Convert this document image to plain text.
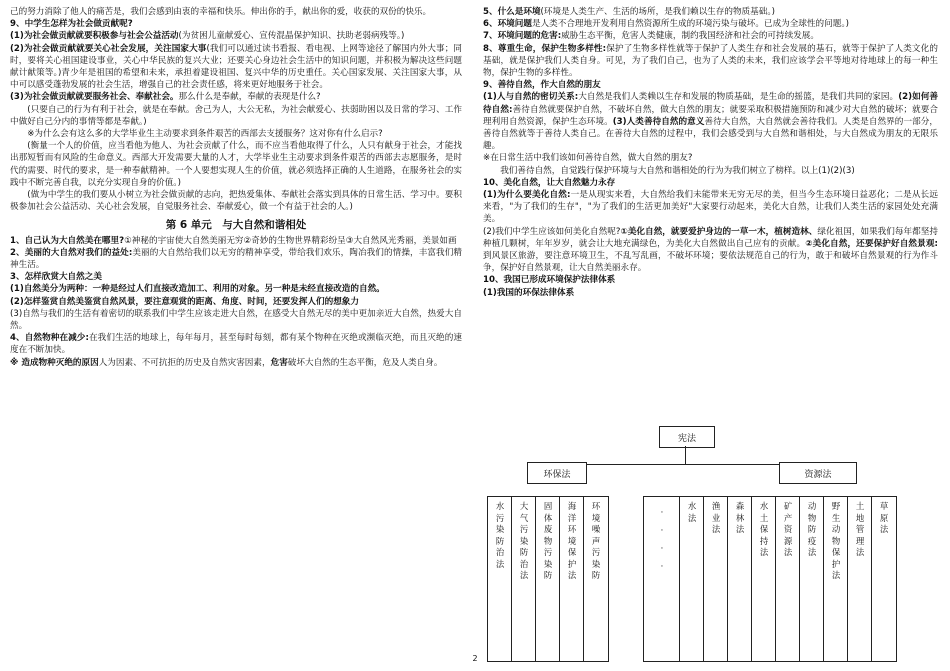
己的努力消除了他人的痛苦是，我们会感到由衷的幸福和快乐。伸出你的手，献出你的爱，收获的双份的快乐。

9、中学生怎样为社会做贡献呢?

(1)为社会做贡献就要积极参与社会公益活动(为贫困儿童献爱心、宣传混晶保护知识、扶助老弱病残等。)

(2)为社会做贡献就要关心社会发展，关注国家大事(我们可以通过读书看报、看电视、上网等途径了解国内外大事；同时，要将关心祖国建设事业，关心中华民族的复兴大业；还要关心身边社会生活中的知识问题，并积极为解决这些问题献计献策等。)青少年是祖国的希望和未来，承担着建设祖国、复兴中华的历史重任。关心国家发展、关注国家大事，从中可以感受蓬勃发展的社会生活，增强自己的社会责任感，将来更好地服务于社会。

(3)为社会做贡献就要服务社会、奉献社会。那么什么是奉献，奉献的表现是什么?

(只要自己的行为有利于社会，就是在奉献。舍己为人，大公无私，为社会献爱心、扶弱助困以及日常的学习、工作中做好自己分内的事情等都是奉献。)

※为什么会有这么多的大学毕业生主动要求到条件艰苦的西部去支援服务？这对你有什么启示?

(衡量一个人的价值，应当看他为他人、为社会贡献了什么，而不应当看他取得了什么，人只有献身于社会，才能找出那短暂而有风险的生命意义。西部大开发需要大量的人才，大学毕业生主动要求到条件艰苦的西部去志愿服务，是时代的需要、时代的要求，是一种奉献精神。一个人要想实现人生的价值，就必须选择正确的人生道路，在服务社会的实践中不断完善自我，以充分实现自身的价值。)

(做为中学生的我们要从小树立为社会做贡献的志向，把热爱集体、奉献社会落实到具体的日常生活、学习中。要积极参加社会公益活动、关心社会发展，自觉服务社会、奉献爱心，做一个有益于社会的人。)

第 6 单元　与大自然和谐相处

1、自己认为大自然美在哪里?①神秘的宇宙使大自然美丽无穷②奇妙的生物世界精彩纷呈③大自然风光秀丽，美景如画

2、美丽的大自然对我们的益处:美丽的大自然给我们以无穷的精神享受，带给我们欢乐，陶冶我们的情操，丰富我们精神生活。

3、怎样欣赏大自然之美

(1)自然美分为两种：一种是经过人们直接改造加工、利用的对象。另一种是未经直接改造的自然。

(2)怎样鉴赏自然美鉴赏自然风景，要注意观赏的距离、角度、时间，还要发挥人们的想象力

(3)自然与我们的生活有着密切的联系我们中学生应该走进大自然，在感受大自然无尽的美中更加亲近大自然，热爱大自然。

4、自然物种在减少:在我们生活的地球上，每年每月，甚至每时每刻，都有某个物种在灭绝或濒临灭绝，而且灭绝的速度在不断加快。

※ 造成物种灭绝的原因人为因素、不可抗拒的历史及自然灾害因素，危害破坏大自然的生态平衡，危及人类自身。

5、什么是环境(环境是人类生产、生活的场所，是我们赖以生存的物质基础。)

6、环境问题是人类不合理地开发利用自然资源所生成的环境污染与破坏。已成为全球性的问题。)

7、环境问题的危害:威胁生态平衡，危害人类健康，制约我国经济和社会的可持续发展。

8、尊重生命，保护生物多样性:保护了生物多样性就等于保护了人类生存和社会发展的基石，就等于保护了人类文化的基础，就是保护我们人类自身。可见，为了我们自己，也为了人类的未来，我们应该学会平等地对待地球上的每一种生物，保护生物的多样性。

9、善待自然，作大自然的朋友

(1)人与自然的密切关系:大自然是我们人类赖以生存和发展的物质基础，是生命的摇篮，是我们共同的家园。(2)如何善待自然:善待自然就要保护自然，不破坏自然，做大自然的朋友；就要采取积极措施预防和减少对大自然的破坏；就要合理利用自然资源，保护生态环境。(3)人类善待自然的意义善待大自然，大自然就会善待我们。人类是自然界的一部分，善待自然就等于善待人类自己。在善待大自然的过程中，我们会感受到与大自然和谐相处，与大自然成为朋友的无限乐趣。

※在日常生活中我们该如何善待自然，做大自然的朋友?

我们善待自然，自觉践行保护环境与大自然和谐相处的行为为我们树立了榜样。以上(1)(2)(3)

10、美化自然，让大自然魅力永存

(1)为什么要美化自然:一是从现实来看，大自然给我们未能带来无穷无尽的美，但当今生态环境日益恶化；二是从长远来看，"为了我们的生存"，"为了我们的生活更加美好"大家要行动起来，美化大自然，让我们人类生活的家园处处充满美。

(2)我们中学生应该如何美化自然呢?①美化自然，就要爱护身边的一草一木，植树造林、绿化祖国，如果我们每年都坚持种植几颗树，年年岁岁，就会让大地充满绿色，为美化大自然做出自己应有的贡献。②美化自然，还要保护好自然景观:到风景区旅游，要注意环境卫生，不乱写乱画，不破坏环境；要依法规范自己的行为，敢于和破坏自然景观的行为作斗争，保护好自然景观，让大自然美丽永存。

10、我国已形成环境保护法律体系

(1)我国的环保法律体系

宪法
环保法	资源法
水
污
染
防
治
法
大
气
污
染
防
治
法
固
体
废
物
污
染
防
海
洋
环
境
保
护
法
环
境
噪
声
污
染
防
·
·
·
·
水
法
渔
业
法
森
林
法
水
土
保
持
法
矿
产
资
源
法
动
物
防
疫
法
野
生
动
物
保
护
法
土
地
管
理
法
草
原
法
2
